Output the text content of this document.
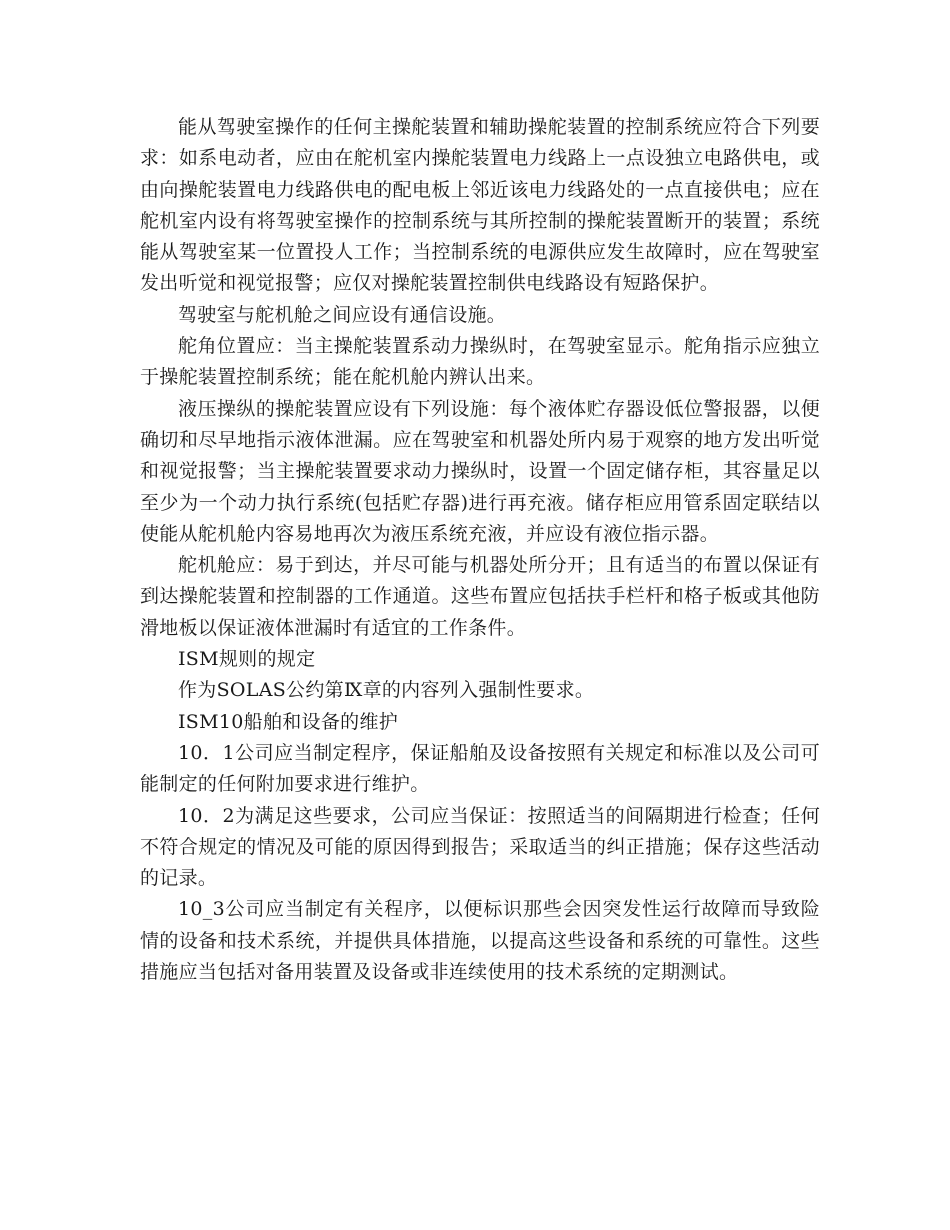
能从驾驶室操作的任何主操舵装置和辅助操舵装置的控制系统应符合下列要求：如系电动者，应由在舵机室内操舵装置电力线路上一点设独立电路供电，或由向操舵装置电力线路供电的配电板上邻近该电力线路处的一点直接供电；应在舵机室内设有将驾驶室操作的控制系统与其所控制的操舵装置断开的装置；系统能从驾驶室某一位置投人工作；当控制系统的电源供应发生故障时，应在驾驶室发出听觉和视觉报警；应仅对操舵装置控制供电线路设有短路保护。

驾驶室与舵机舱之间应设有通信设施。

舵角位置应：当主操舵装置系动力操纵时，在驾驶室显示。舵角指示应独立于操舵装置控制系统；能在舵机舱内辨认出来。

液压操纵的操舵装置应设有下列设施：每个液体贮存器设低位警报器，以便确切和尽早地指示液体泄漏。应在驾驶室和机器处所内易于观察的地方发出听觉和视觉报警；当主操舵装置要求动力操纵时，设置一个固定储存柜，其容量足以至少为一个动力执行系统(包括贮存器)进行再充液。储存柜应用管系固定联结以使能从舵机舱内容易地再次为液压系统充液，并应设有液位指示器。

舵机舱应：易于到达，并尽可能与机器处所分开；且有适当的布置以保证有到达操舵装置和控制器的工作通道。这些布置应包括扶手栏杆和格子板或其他防滑地板以保证液体泄漏时有适宜的工作条件。

ISM规则的规定

作为SOLAS公约第Ⅸ章的内容列入强制性要求。

ISM10船舶和设备的维护

10．1公司应当制定程序，保证船舶及设备按照有关规定和标准以及公司可能制定的任何附加要求进行维护。

10．2为满足这些要求，公司应当保证：按照适当的间隔期进行检查；任何不符合规定的情况及可能的原因得到报告；采取适当的纠正措施；保存这些活动的记录。

10_3公司应当制定有关程序，以便标识那些会因突发性运行故障而导致险情的设备和技术系统，并提供具体措施，以提高这些设备和系统的可靠性。这些措施应当包括对备用装置及设备或非连续使用的技术系统的定期测试。
